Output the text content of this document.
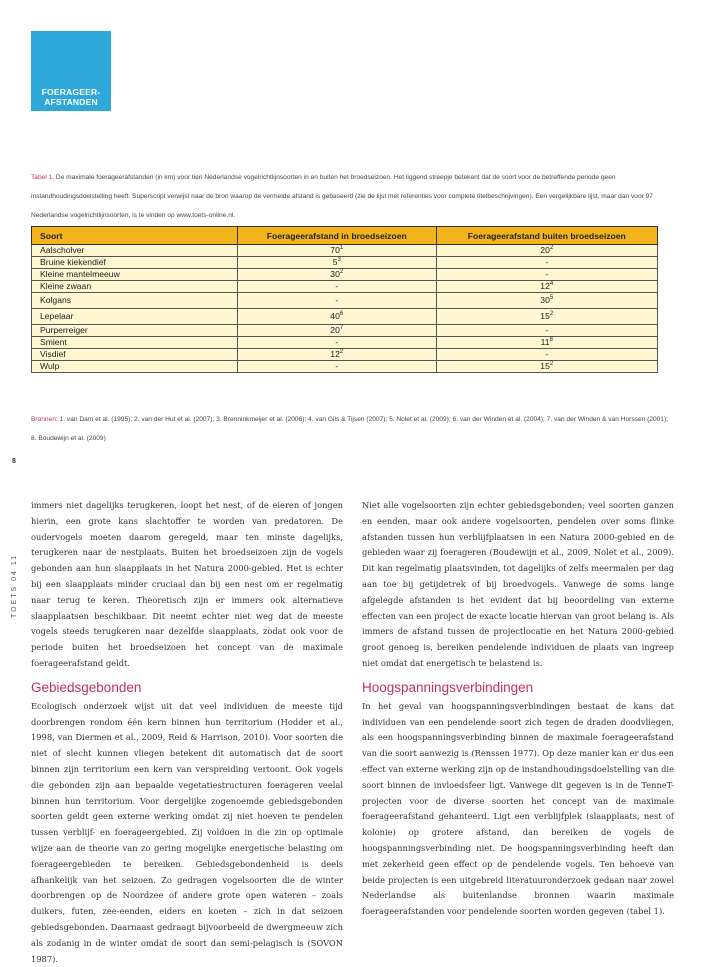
FOERAGEER-
AFSTANDEN
Tabel 1. De maximale foerageerafstanden (in km) voor tien Nederlandse vogelrichtlijnsoorten in en buiten het broedseizoen. Het liggend streepje betekent dat de soort voor de betreffende periode geen instandhoudingsdoelstelling heeft. Superscript verwijst naar de bron waarop de vermelde afstand is gebaseerd (zie de lijst met referenties voor complete titelbeschrijvingen). Een vergelijkbare lijst, maar dan voor 97 Nederlandse vogelrichtlijnsoorten, is te vinden op www.toets-online.nl.
Soort	Foerageerafstand in broedseizoen	Foerageerafstand buiten broedseizoen
Aalscholver	$70^1$	$20^2$
Bruine kiekendief	$5^3$	-
Kleine mantelmeeuw	$30^2$	-
Kleine zwaan	-	$12^4$
Kolgans	-	$30^5$
Lepelaar	$40^6$	$15^2$
Purperreiger	$20^7$	-
Smient	-	$11^8$
Visdief	$12^2$	-
Wulp	-	$15^2$
Bronnen: 1. van Dam et al. (1995); 2. van der Hut et al. (2007); 3. Brenninkmeijer et al. (2006); 4. van Gils & Tijsen (2007); 5. Nolet et al. (2009); 6. van der Winden et al. (2004); 7. van der Winden & van Horssen (2001); 8. Boudewijn et al. (2009)
8
TOETS 04 11

immers niet dagelijks terugkeren, loopt het nest, of de eieren of jongen hierin, een grote kans slachtoffer te worden van predatoren. De oudervogels moeten daarom geregeld, maar ten minste dagelijks, terugkeren naar de nestplaats. Buiten het broedseizoen zijn de vogels gebonden aan hun slaapplaats in het Natura 2000-gebied. Het is echter bij een slaapplaats minder cruciaal dan bij een nest om er regelmatig naar terug te keren. Theoretisch zijn er immers ook alternatieve slaapplaatsen beschikbaar. Dit neemt echter niet weg dat de meeste vogels steeds terugkeren naar dezelfde slaapplaats, zodat ook voor de periode buiten het broedseizoen het concept van de maximale foerageerafstand geldt.

Gebiedsgebonden

Ecologisch onderzoek wijst uit dat veel individuen de meeste tijd doorbrengen rondom één kern binnen hun territorium (Hodder et al., 1998, van Diermen et al., 2009, Reid & Harrison, 2010). Voor soorten die niet of slecht kunnen vliegen betekent dit automatisch dat de soort binnen zijn territorium een kern van verspreiding vertoont. Ook vogels die gebonden zijn aan bepaalde vegetatiestructuren foerageren veelal binnen hun territorium. Voor dergelijke zogenoemde gebiedsgebonden soorten geldt geen externe werking omdat zij niet hoeven te pendelen tussen verblijf- en foerageergebied. Zij voldoen in die zin op optimale wijze aan de theorie van zo gering mogelijke energetische belasting om foerageergebieden te bereiken. Gebiedsgebondenheid is deels afhankelijk van het seizoen. Zo gedragen vogelsoorten die de winter doorbrengen op de Noordzee of andere grote open wateren – zoals duikers, futen, zee-eenden, eiders en koeten – zich in dat seizoen gebiedsgebonden. Daarnaast gedraagt bijvoorbeeld de dwergmeeuw zich als zodanig in de winter omdat de soort dan semi-pelagisch is (SOVON 1987).

Niet alle vogelsoorten zijn echter gebiedsgebonden; veel soorten ganzen en eenden, maar ook andere vogelsoorten, pendelen over soms flinke afstanden tussen hun verblijfplaatsen in een Natura 2000-gebied en de gebieden waar zij foerageren (Boudewijn et al., 2009, Nolet et al., 2009). Dit kan regelmatig plaatsvinden, tot dagelijks of zelfs meermalen per dag aan toe bij getijdetrek of bij broedvogels. Vanwege de soms lange afgelegde afstanden is het evident dat bij beoordeling van externe effecten van een project de exacte locatie hiervan van groot belang is. Als immers de afstand tussen de projectlocatie en het Natura 2000-gebied groot genoeg is, bereiken pendelende individuen de plaats van ingreep niet omdat dat energetisch te belastend is.

Hoogspanningsverbindingen

In het geval van hoogspanningsverbindingen bestaat de kans dat individuen van een pendelende soort zich tegen de draden doodvliegen, als een hoogspanningsverbinding binnen de maximale foerageerafstand van die soort aanwezig is (Renssen 1977). Op deze manier kan er dus een effect van externe werking zijn op de instandhoudingsdoelstelling van die soort binnen de invloedsfeer ligt. Vanwege dit gegeven is in de TenneT-projecten voor de diverse soorten het concept van de maximale foerageerafstand gehanteerd. Ligt een verblijfplek (slaapplaats, nest of kolonie) op grotere afstand, dan bereiken de vogels de hoogspanningsverbinding niet. De hoogspanningsverbinding heeft dan met zekerheid geen effect op de pendelende vogels. Ten behoeve van beide projecten is een uitgebreid literatuuronderzoek gedaan naar zowel Nederlandse als buitenlandse bronnen waarin maximale foerageerafstanden voor pendelende soorten worden gegeven (tabel 1).
